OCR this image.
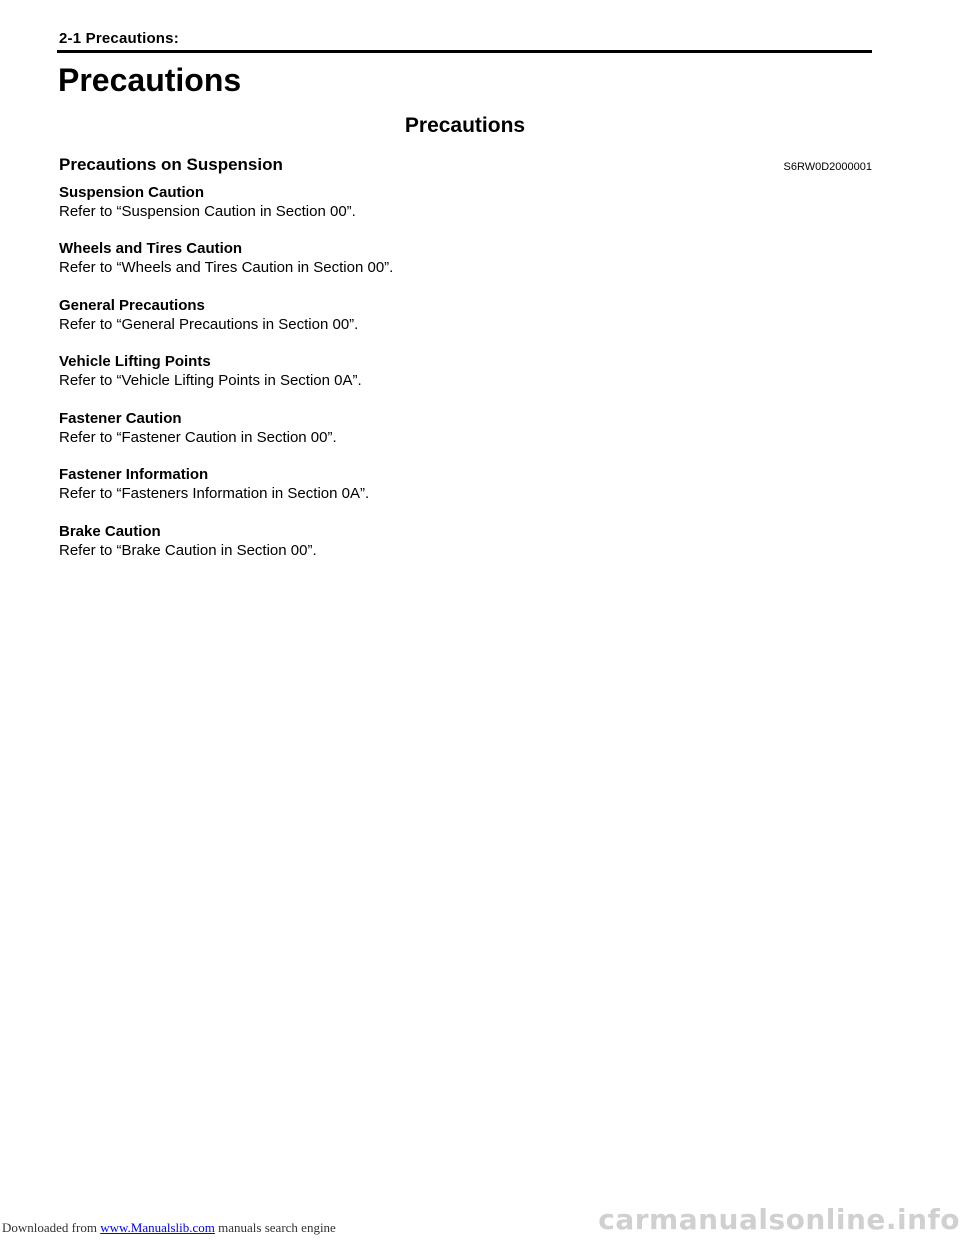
2-1 Precautions:
Precautions
Precautions
Precautions on Suspension	S6RW0D2000001
Suspension Caution
Refer to “Suspension Caution in Section 00”.
Wheels and Tires Caution
Refer to “Wheels and Tires Caution in Section 00”.
General Precautions
Refer to “General Precautions in Section 00”.
Vehicle Lifting Points
Refer to “Vehicle Lifting Points in Section 0A”.
Fastener Caution
Refer to “Fastener Caution in Section 00”.
Fastener Information
Refer to “Fasteners Information in Section 0A”.
Brake Caution
Refer to “Brake Caution in Section 00”.
Downloaded from www.Manualslib.com manuals search engine	carmanualsonline.info
